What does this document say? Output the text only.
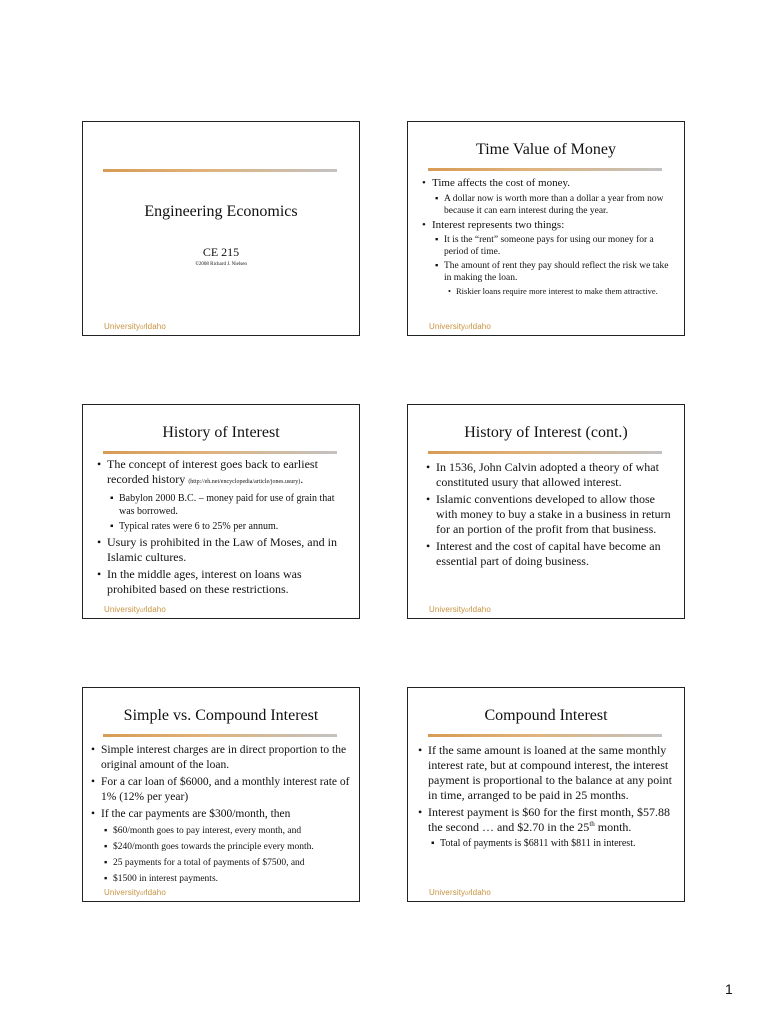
Engineering Economics
CE 215
©2008 Richard J. Nielsen
UniversityofIdaho
Time Value of Money
• Time affects the cost of money.
▪ A dollar now is worth more than a dollar a year from now because it can earn interest during the year.
• Interest represents two things:
▪ It is the “rent” someone pays for using our money for a period of time.
▪ The amount of rent they pay should reflect the risk we take in making the loan.
• Riskier loans require more interest to make them attractive.
UniversityofIdaho
History of Interest
• The concept of interest goes back to earliest recorded history (http://eh.net/encyclopedia/article/jones.usury).
▪ Babylon 2000 B.C. – money paid for use of grain that was borrowed.
▪ Typical rates were 6 to 25% per annum.
• Usury is prohibited in the Law of Moses, and in Islamic cultures.
• In the middle ages, interest on loans was prohibited based on these restrictions.
UniversityofIdaho
History of Interest (cont.)
• In 1536, John Calvin adopted a theory of what constituted usury that allowed interest.
• Islamic conventions developed to allow those with money to buy a stake in a business in return for an portion of the profit from that business.
• Interest and the cost of capital have become an essential part of doing business.
UniversityofIdaho
Simple vs. Compound Interest
• Simple interest charges are in direct proportion to the original amount of the loan.
• For a car loan of $6000, and a monthly interest rate of 1% (12% per year)
• If the car payments are $300/month, then
▪ $60/month goes to pay interest, every month, and
▪ $240/month goes towards the principle every month.
▪ 25 payments for a total of payments of $7500, and
▪ $1500 in interest payments.
UniversityofIdaho
Compound Interest
• If the same amount is loaned at the same monthly interest rate, but at compound interest, the interest payment is proportional to the balance at any point in time, arranged to be paid in 25 months.
• Interest payment is $60 for the first month, $57.88 the second … and $2.70 in the 25th month.
▪ Total of payments is $6811 with $811 in interest.
UniversityofIdaho
1
